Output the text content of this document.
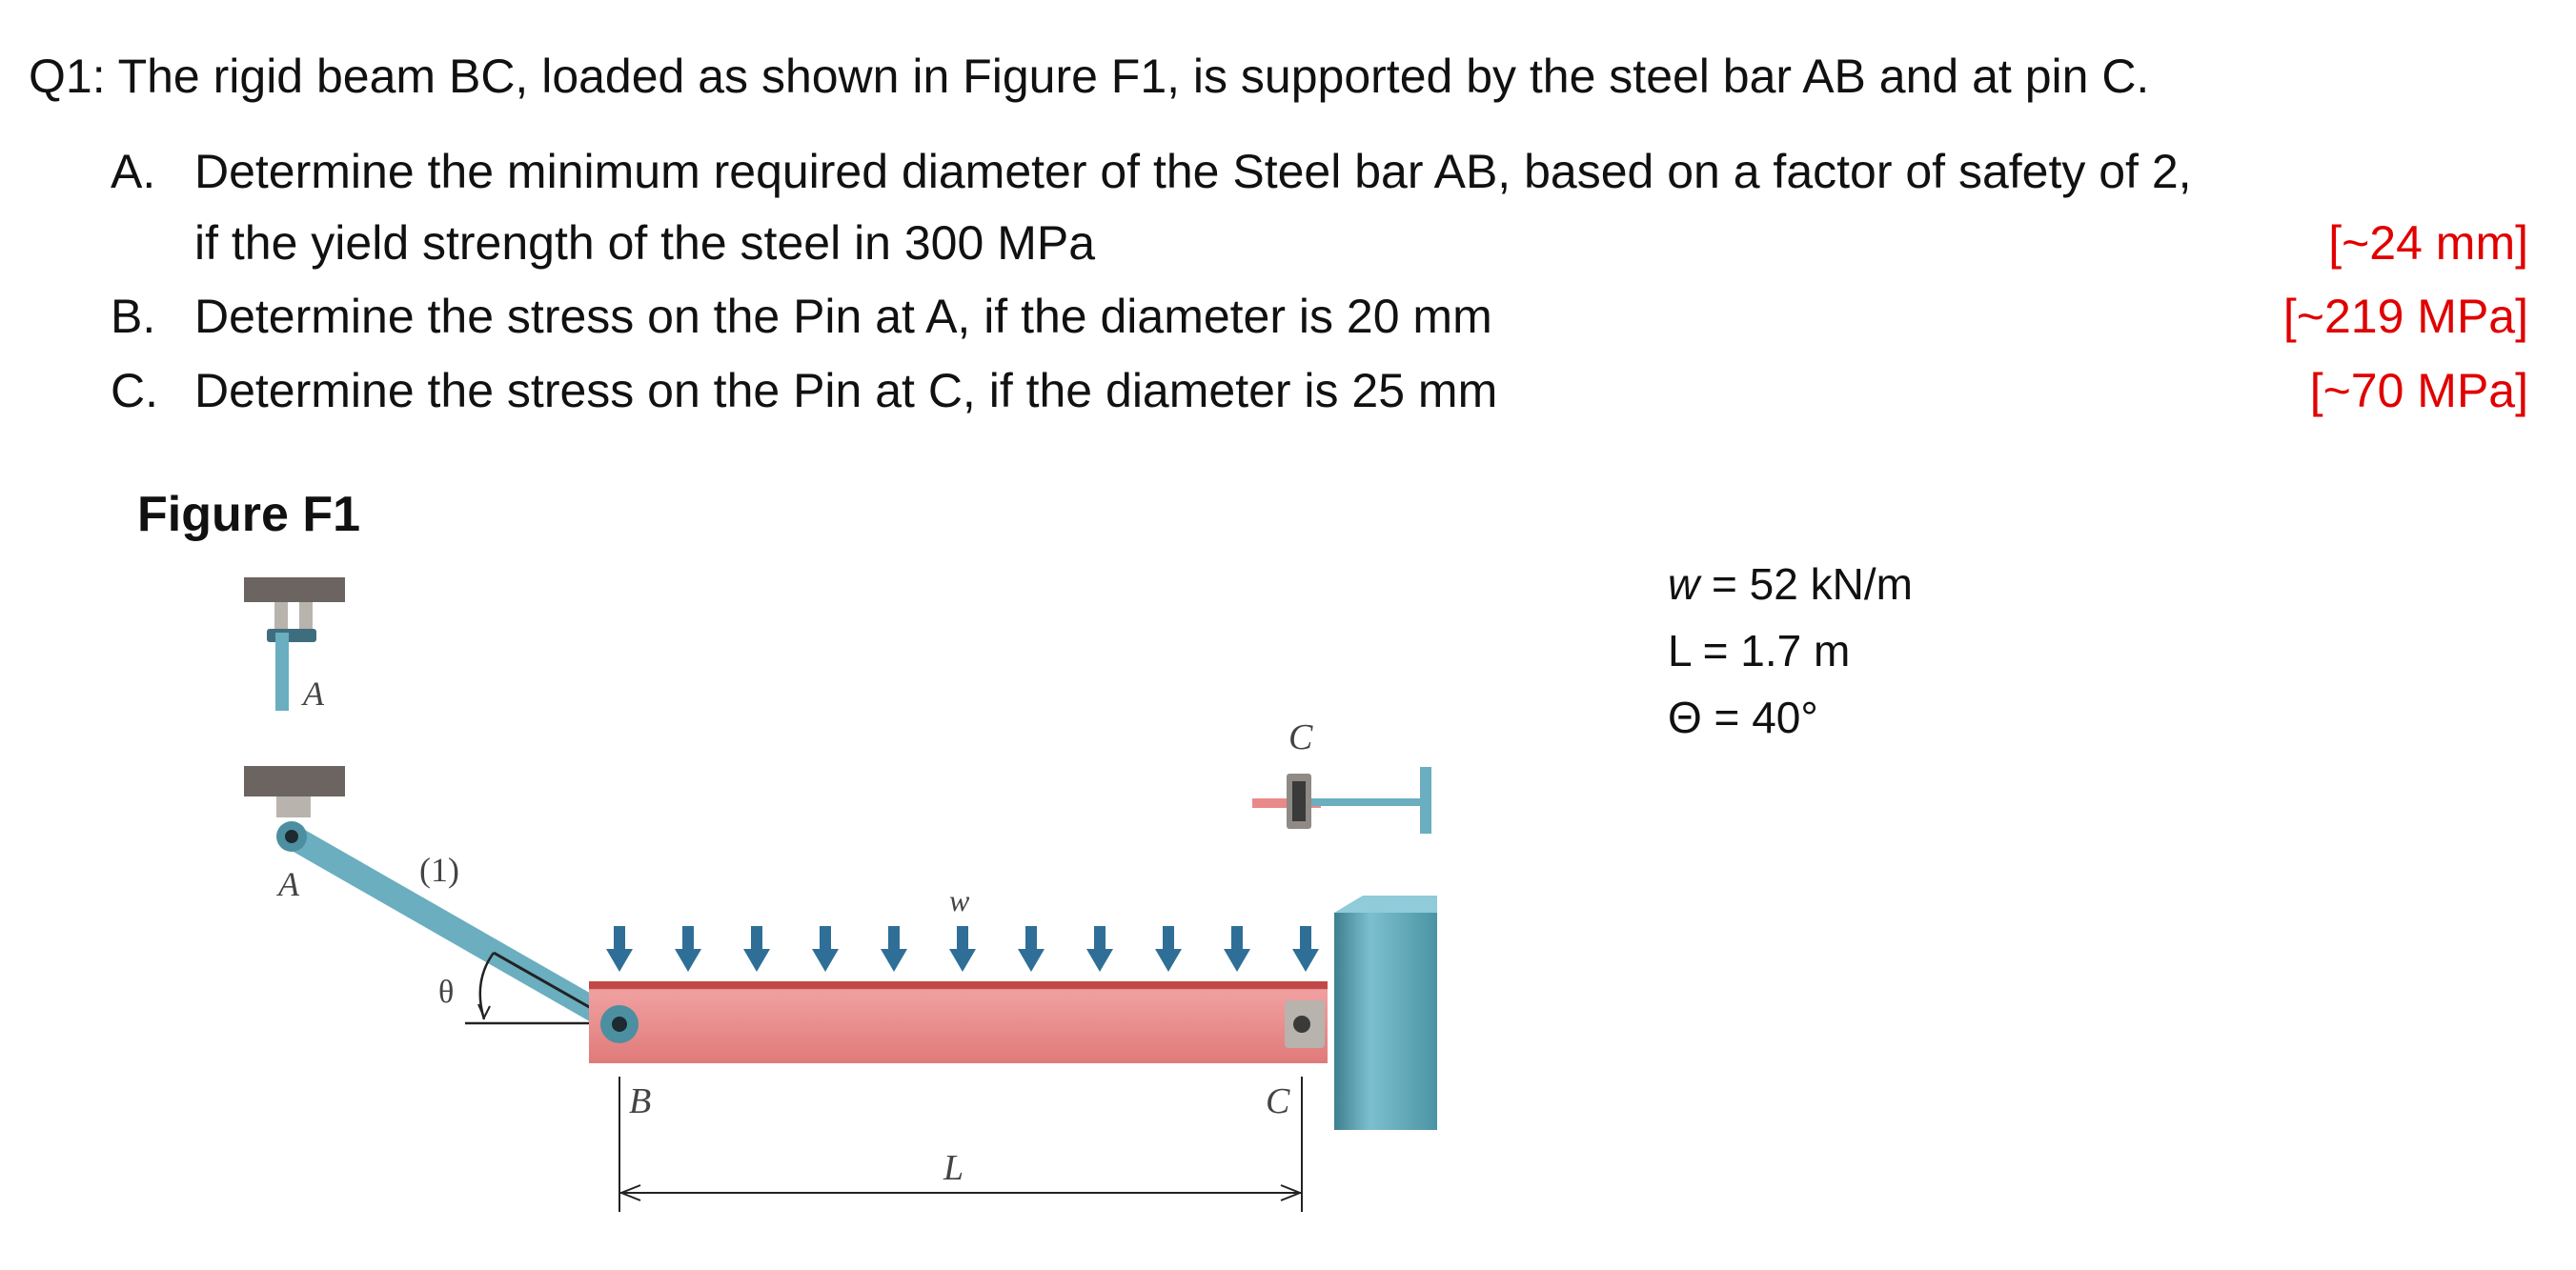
Q1: The rigid beam BC, loaded as shown in Figure F1, is supported by the steel bar AB and at pin C.
A. Determine the minimum required diameter of the Steel bar AB, based on a factor of safety of 2,
if the yield strength of the steel in 300 MPa	[~24 mm]
B. Determine the stress on the Pin at A, if the diameter is 20 mm	[~219 MPa]
C. Determine the stress on the Pin at C, if the diameter is 25 mm	[~70 MPa]
Figure F1
w = 52 kN/m
L = 1.7 m
Θ = 40°
A
C
A	(1)
θ
w
B	C
L
